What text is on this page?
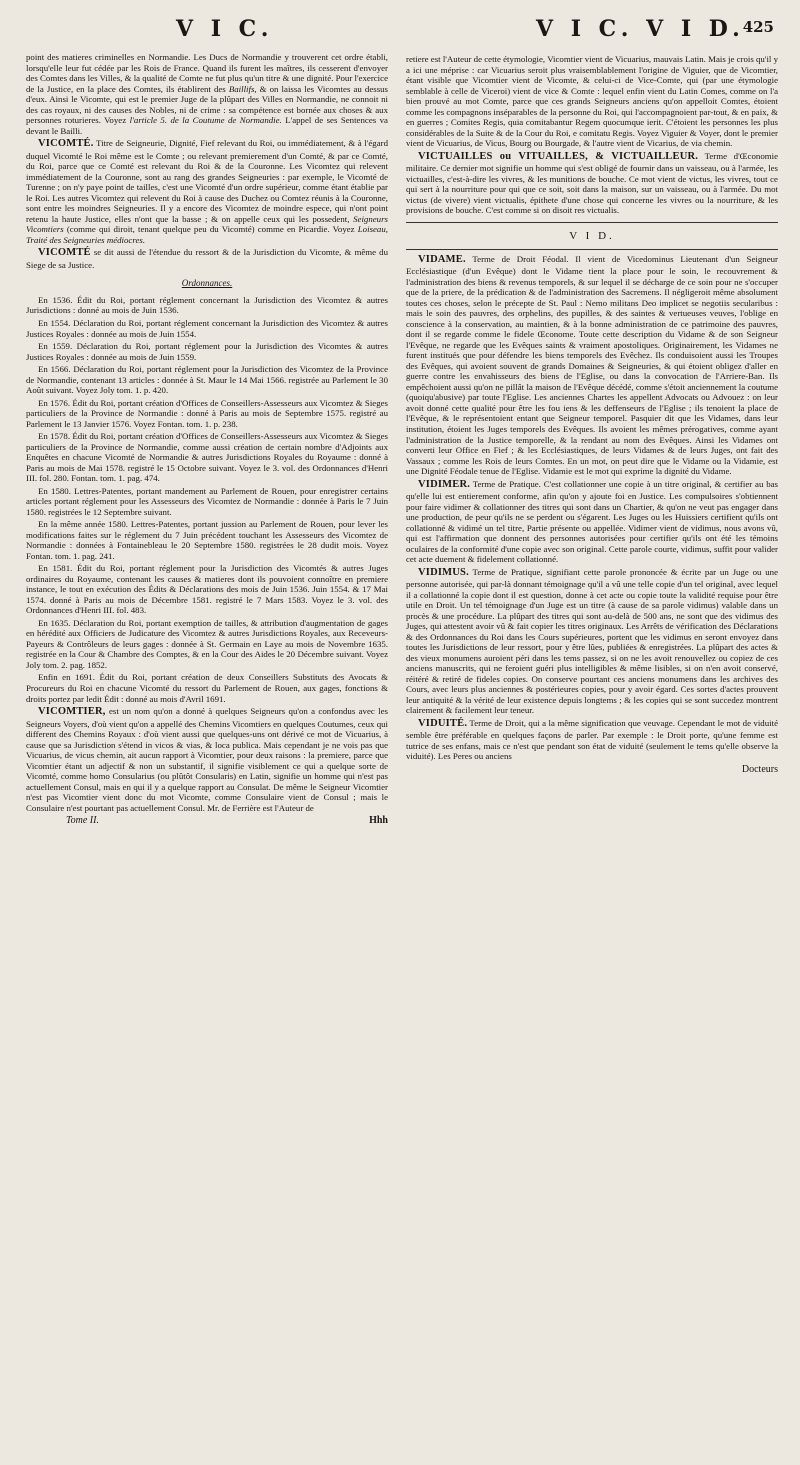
V I C.	V I C. V I D.
425

point des matieres criminelles en Normandie. Les Ducs de Normandie y trouverent cet ordre établi, lorsqu'elle leur fut cédée par les Rois de France. Quand ils furent les maîtres, ils cesserent d'envoyer des Comtes dans les Villes, & la qualité de Comte ne fut plus qu'un titre & une dignité. Pour l'exercice de la Justice, en la place des Comtes, ils établirent des Baillifs, & on laissa les Vicomtes au dessus d'eux. Ainsi le Vicomte, qui est le premier Juge de la plûpart des Villes en Normandie, ne connoit ni des cas royaux, ni des causes des Nobles, ni de crime : sa compétence est bornée aux choses & aux personnes roturieres. Voyez l'article 5. de la Coutume de Normandie. L'appel de ses Sentences va devant le Bailli.

VICOMTÉ. Titre de Seigneurie, Dignité, Fief relevant du Roi, ou immédiatement, & à l'égard duquel Vicomté le Roi même est le Comte ; ou relevant premierement d'un Comté, & par ce Comté, du Roi, parce que ce Comté est relevant du Roi & de la Couronne. Les Vicomtez qui relevent immédiatement de la Couronne, sont au rang des grandes Seigneuries : par exemple, le Vicomté de Turenne ; on n'y paye point de tailles, c'est une Vicomté d'un ordre supérieur, comme étant établie par le Roi. Les autres Vicomtez qui relevent du Roi à cause des Duchez ou Comtez réunis à la Couronne, sont entre les moindres Seigneuries. Il y a encore des Vicomtez de moindre espece, qui n'ont point retenu la haute Justice, elles n'ont que la basse ; & on appelle ceux qui les possedent, Seigneurs Vicomtiers (comme qui diroit, tenant quelque peu du Vicomté) comme en Picardie. Voyez Loiseau, Traité des Seigneuries médiocres.

VICOMTÉ se dit aussi de l'étendue du ressort & de la Jurisdiction du Vicomte, & même du Siege de sa Justice.

Ordonnances.

En 1536. Édit du Roi, portant réglement concernant la Jurisdiction des Vicomtez & autres Jurisdictions : donné au mois de Juin 1536.

En 1554. Déclaration du Roi, portant réglement concernant la Jurisdiction des Vicomtez & autres Justices Royales : donnée au mois de Juin 1554.

En 1559. Déclaration du Roi, portant réglement pour la Jurisdiction des Vicomtes & autres Justices Royales : donnée au mois de Juin 1559.

En 1566. Déclaration du Roi, portant réglement pour la Jurisdiction des Vicomtez de la Province de Normandie, contenant 13 articles : donnée à St. Maur le 14 Mai 1566. registrée au Parlement le 30 Août suivant. Voyez Joly tom. 1. p. 420.

En 1576. Édit du Roi, portant création d'Offices de Conseillers-Assesseurs aux Vicomtez & Sieges particuliers de la Province de Normandie : donné à Paris au mois de Septembre 1575. registré au Parlement le 13 Janvier 1576. Voyez Fontan. tom. 1. p. 238.

En 1578. Édit du Roi, portant création d'Offices de Conseillers-Assesseurs aux Vicomtez & Sieges particuliers de la Province de Normandie, comme aussi création de certain nombre d'Adjoints aux Enquêtes en chacune Vicomté de Normandie & autres Jurisdictions Royales du Royaume : donné à Paris au mois de Mai 1578. registré le 15 Octobre suivant. Voyez le 3. vol. des Ordonnances d'Henri III. fol. 280. Fontan. tom. 1. pag. 474.

En 1580. Lettres-Patentes, portant mandement au Parlement de Rouen, pour enregistrer certains articles portant réglement pour les Assesseurs des Vicomtez de Normandie : donnée à Paris le 7 Juin 1580. registrées le 12 Septembre suivant.

En la même année 1580. Lettres-Patentes, portant jussion au Parlement de Rouen, pour lever les modifications faites sur le réglement du 7 Juin précédent touchant les Assesseurs des Vicomtez de Normandie : données à Fontainebleau le 20 Septembre 1580. registrées le 28 dudit mois. Voyez Fontan. tom. 1. pag. 241.

En 1581. Édit du Roi, portant réglement pour la Jurisdiction des Vicomtés & autres Juges ordinaires du Royaume, contenant les causes & matieres dont ils pouvoient connoître en premiere instance, le tout en exécution des Édits & Déclarations des mois de Juin 1536. Juin 1554. & 17 Mai 1574. donné à Paris au mois de Décembre 1581. registré le 7 Mars 1583. Voyez le 3. vol. des Ordonnances d'Henri III. fol. 483.

En 1635. Déclaration du Roi, portant exemption de tailles, & attribution d'augmentation de gages en hérédité aux Officiers de Judicature des Vicomtez & autres Jurisdictions Royales, aux Receveurs-Payeurs & Contrôleurs de leurs gages : donnée à St. Germain en Laye au mois de Novembre 1635. registrée en la Cour & Chambre des Comptes, & en la Cour des Aides le 20 Décembre suivant. Voyez Joly tom. 2. pag. 1852.

Enfin en 1691. Édit du Roi, portant création de deux Conseillers Substituts des Avocats & Procureurs du Roi en chacune Vicomté du ressort du Parlement de Rouen, aux gages, fonctions & droits portez par ledit Édit : donné au mois d'Avril 1691.

VICOMTIER, est un nom qu'on a donné à quelques Seigneurs qu'on a confondus avec les Seigneurs Voyers, d'où vient qu'on a appellé des Chemins Vicomtiers en quelques Coutumes, ceux qui different des Chemins Royaux : d'où vient aussi que quelques-uns ont dérivé ce mot de Vicuarius, à cause que sa Jurisdiction s'étend in vicos & vias, & loca publica. Mais cependant je ne vois pas que Vicuarius, de vicus chemin, ait aucun rapport à Vicomtier, pour deux raisons : la premiere, parce que Vicomtier étant un adjectif & non un substantif, il signifie visiblement ce qui a quelque sorte de Vicomté, comme homo Consularius (ou plûtôt Consularis) en Latin, signifie un homme qui n'est pas actuellement Consul, mais en qui il y a quelque rapport au Consulat. De même le Seigneur Vicomtier n'est pas Vicomtier vient donc du mot Vicomte, comme Consulaire vient de Consul ; mais le Consulaire n'est pourtant pas actuellement Consul. Mr. de Ferrière est l'Auteur de

Tome II.	Hhh

retiere est l'Auteur de cette étymologie, Vicomtier vient de Vicuarius, mauvais Latin. Mais je crois qu'il y a ici une méprise : car Vicuarius seroit plus vraisemblablement l'origine de Viguier, que de Vicomtier, étant visible que Vicomtier vient de Vicomte, & celui-ci de Vice-Comte, qui (par une étymologie semblable à celle de Viceroi) vient de vice & Comte : lequel enfin vient du Latin Comes, comme on l'a bien prouvé au mot Comte, parce que ces grands Seigneurs anciens qu'on appelloit Comtes, étoient comme les compagnons inséparables de la personne du Roi, qui l'accompagnoient par-tout, & en paix, & en guerres ; Comites Regis, quia comitabantur Regem quocumque ierit. C'étoient les personnes les plus considérables de la Suite & de la Cour du Roi, e comitatu Regis. Voyez Viguier & Voyer, dont le premier vient de Vicuarius, de Vicus, Bourg ou Bourgade, & l'autre vient de Vicarius, de via chemin.

VICTUAILLES ou VITUAILLES, & VICTUAILLEUR. Terme d'Œconomie militaire. Ce dernier mot signifie un homme qui s'est obligé de fournir dans un vaisseau, ou à l'armée, les victuailles, c'est-à-dire les vivres, & les munitions de bouche. Ce mot vient de victus, les vivres, tout ce qui sert à la nourriture pour qui que ce soit, soit dans la maison, sur un vaisseau, ou à l'armée. Du mot victus (de vivere) vient victualis, épithete d'une chose qui concerne les vivres ou la nourriture, & les provisions de bouche. C'est comme si on disoit res victualis.

V I D.

VIDAME. Terme de Droit Féodal. Il vient de Vicedominus Lieutenant d'un Seigneur Ecclésiastique (d'un Evêque) dont le Vidame tient la place pour le soin, le recouvrement & l'administration des biens & revenus temporels, & sur lequel il se décharge de ce soin pour ne s'occuper que de la priere, de la prédication & de l'administration des Sacremens. Il négligeroit même absolument toutes ces choses, selon le précepte de St. Paul : Nemo militans Deo implicet se negotiis secularibus : mais le soin des pauvres, des orphelins, des pupilles, & des saintes & vertueuses veuves, l'oblige en conscience à la conservation, au maintien, & à la bonne administration de ce patrimoine des pauvres, dont il se regarde comme le fidele Œconome. Toute cette description du Vidame & de son Seigneur l'Evêque, ne regarde que les Evêques saints & vraiment apostoliques. Originairement, les Vidames ne furent institués que pour défendre les biens temporels des Evêchez. Ils conduisoient aussi les Troupes des Evêques, qui avoient souvent de grands Domaines & Seigneuries, & qui étoient obligez d'aller en guerre contre les envahisseurs des biens de l'Eglise, ou dans la convocation de l'Arriere-Ban. Ils empêchoient aussi qu'on ne pillât la maison de l'Evêque décédé, comme s'étoit anciennement la coutume (quoiqu'abusive) par toute l'Eglise. Les anciennes Chartes les appellent Advocats ou Advouez : on leur avoit donné cette qualité pour être les fou iens & les deffenseurs de l'Eglise ; ils tenoient la place de l'Evêque, & le représentoient entant que Seigneur temporel. Pasquier dit que les Vidames, dans leur institution, étoient les Juges temporels des Evêques. Ils avoient les mêmes prérogatives, comme ayant l'administration de la Justice temporelle, & la rendant au nom des Evêques. Ainsi les Vidames ont converti leur Office en Fief ; & les Ecclésiastiques, de leurs Vidames & de leurs Juges, ont fait des Vassaux ; comme les Rois de leurs Comtes. En un mot, on peut dire que le Vidame ou la Vidamie, est une Dignité Féodale tenue de l'Eglise. Vidamie est le mot qui exprime la dignité du Vidame.

VIDIMER. Terme de Pratique. C'est collationner une copie à un titre original, & certifier au bas qu'elle lui est entierement conforme, afin qu'on y ajoute foi en Justice. Les compulsoires s'obtiennent pour faire vidimer & collationner des titres qui sont dans un Chartier, & qu'on ne veut pas engager dans une production, de peur qu'ils ne se perdent ou s'égarent. Les Juges ou les Huissiers certifient qu'ils ont collationné & vidimé un tel titre, Partie présente ou appellée. Vidimer vient de vidimus, nous avons vû, qui est l'affirmation que donnent des personnes autorisées pour certifier qu'ils ont été les témoins oculaires de la conformité d'une copie avec son original. Cette parole courte, vidimus, suffit pour valider cet acte duement & fidelement collationné.

VIDIMUS. Terme de Pratique, signifiant cette parole prononcée & écrite par un Juge ou une personne autorisée, qui par-là donnant témoignage qu'il a vû une telle copie d'un tel original, avec lequel il a collationné la copie dont il est question, donne à cet acte ou copie toute la validité requise pour être utile en Droit. Un tel témoignage d'un Juge est un titre (à cause de sa parole vidimus) valable dans un procès & une procédure. La plûpart des titres qui sont au-delà de 500 ans, ne sont que des vidimus des Juges, qui attestent avoir vû & fait copier les titres originaux. Les Arrêts de vérification des Déclarations & des Ordonnances du Roi dans les Cours supérieures, portent que les vidimus en seront envoyez dans toutes les Jurisdictions de leur ressort, pour y être lûes, publiées & enregistrées. La plûpart des actes & des vieux monumens auroient péri dans les tems passez, si on ne les avoit renouvellez ou copiez de ces anciens manuscrits, qui ne feroient guéri plus intelligibles & même lisibles, si on n'en avoit conservé, réitéré & retiré de fideles copies. On conserve pourtant ces anciens monumens dans les archives des Cours, avec leurs plus anciennes & postérieures copies, pour y avoir égard. Ces sortes d'actes prouvent leur antiquité & la vérité de leur existence depuis longtems ; & les copies qui se sont succedez montrent clairement & facilement leur teneur.

VIDUITÉ. Terme de Droit, qui a la même signification que veuvage. Cependant le mot de viduité semble être préférable en quelques façons de parler. Par exemple : le Droit porte, qu'une femme est tutrice de ses enfans, mais ce n'est que pendant son état de viduité (seulement le tems qu'elle observe la viduité). Les Peres ou anciens

Docteurs
